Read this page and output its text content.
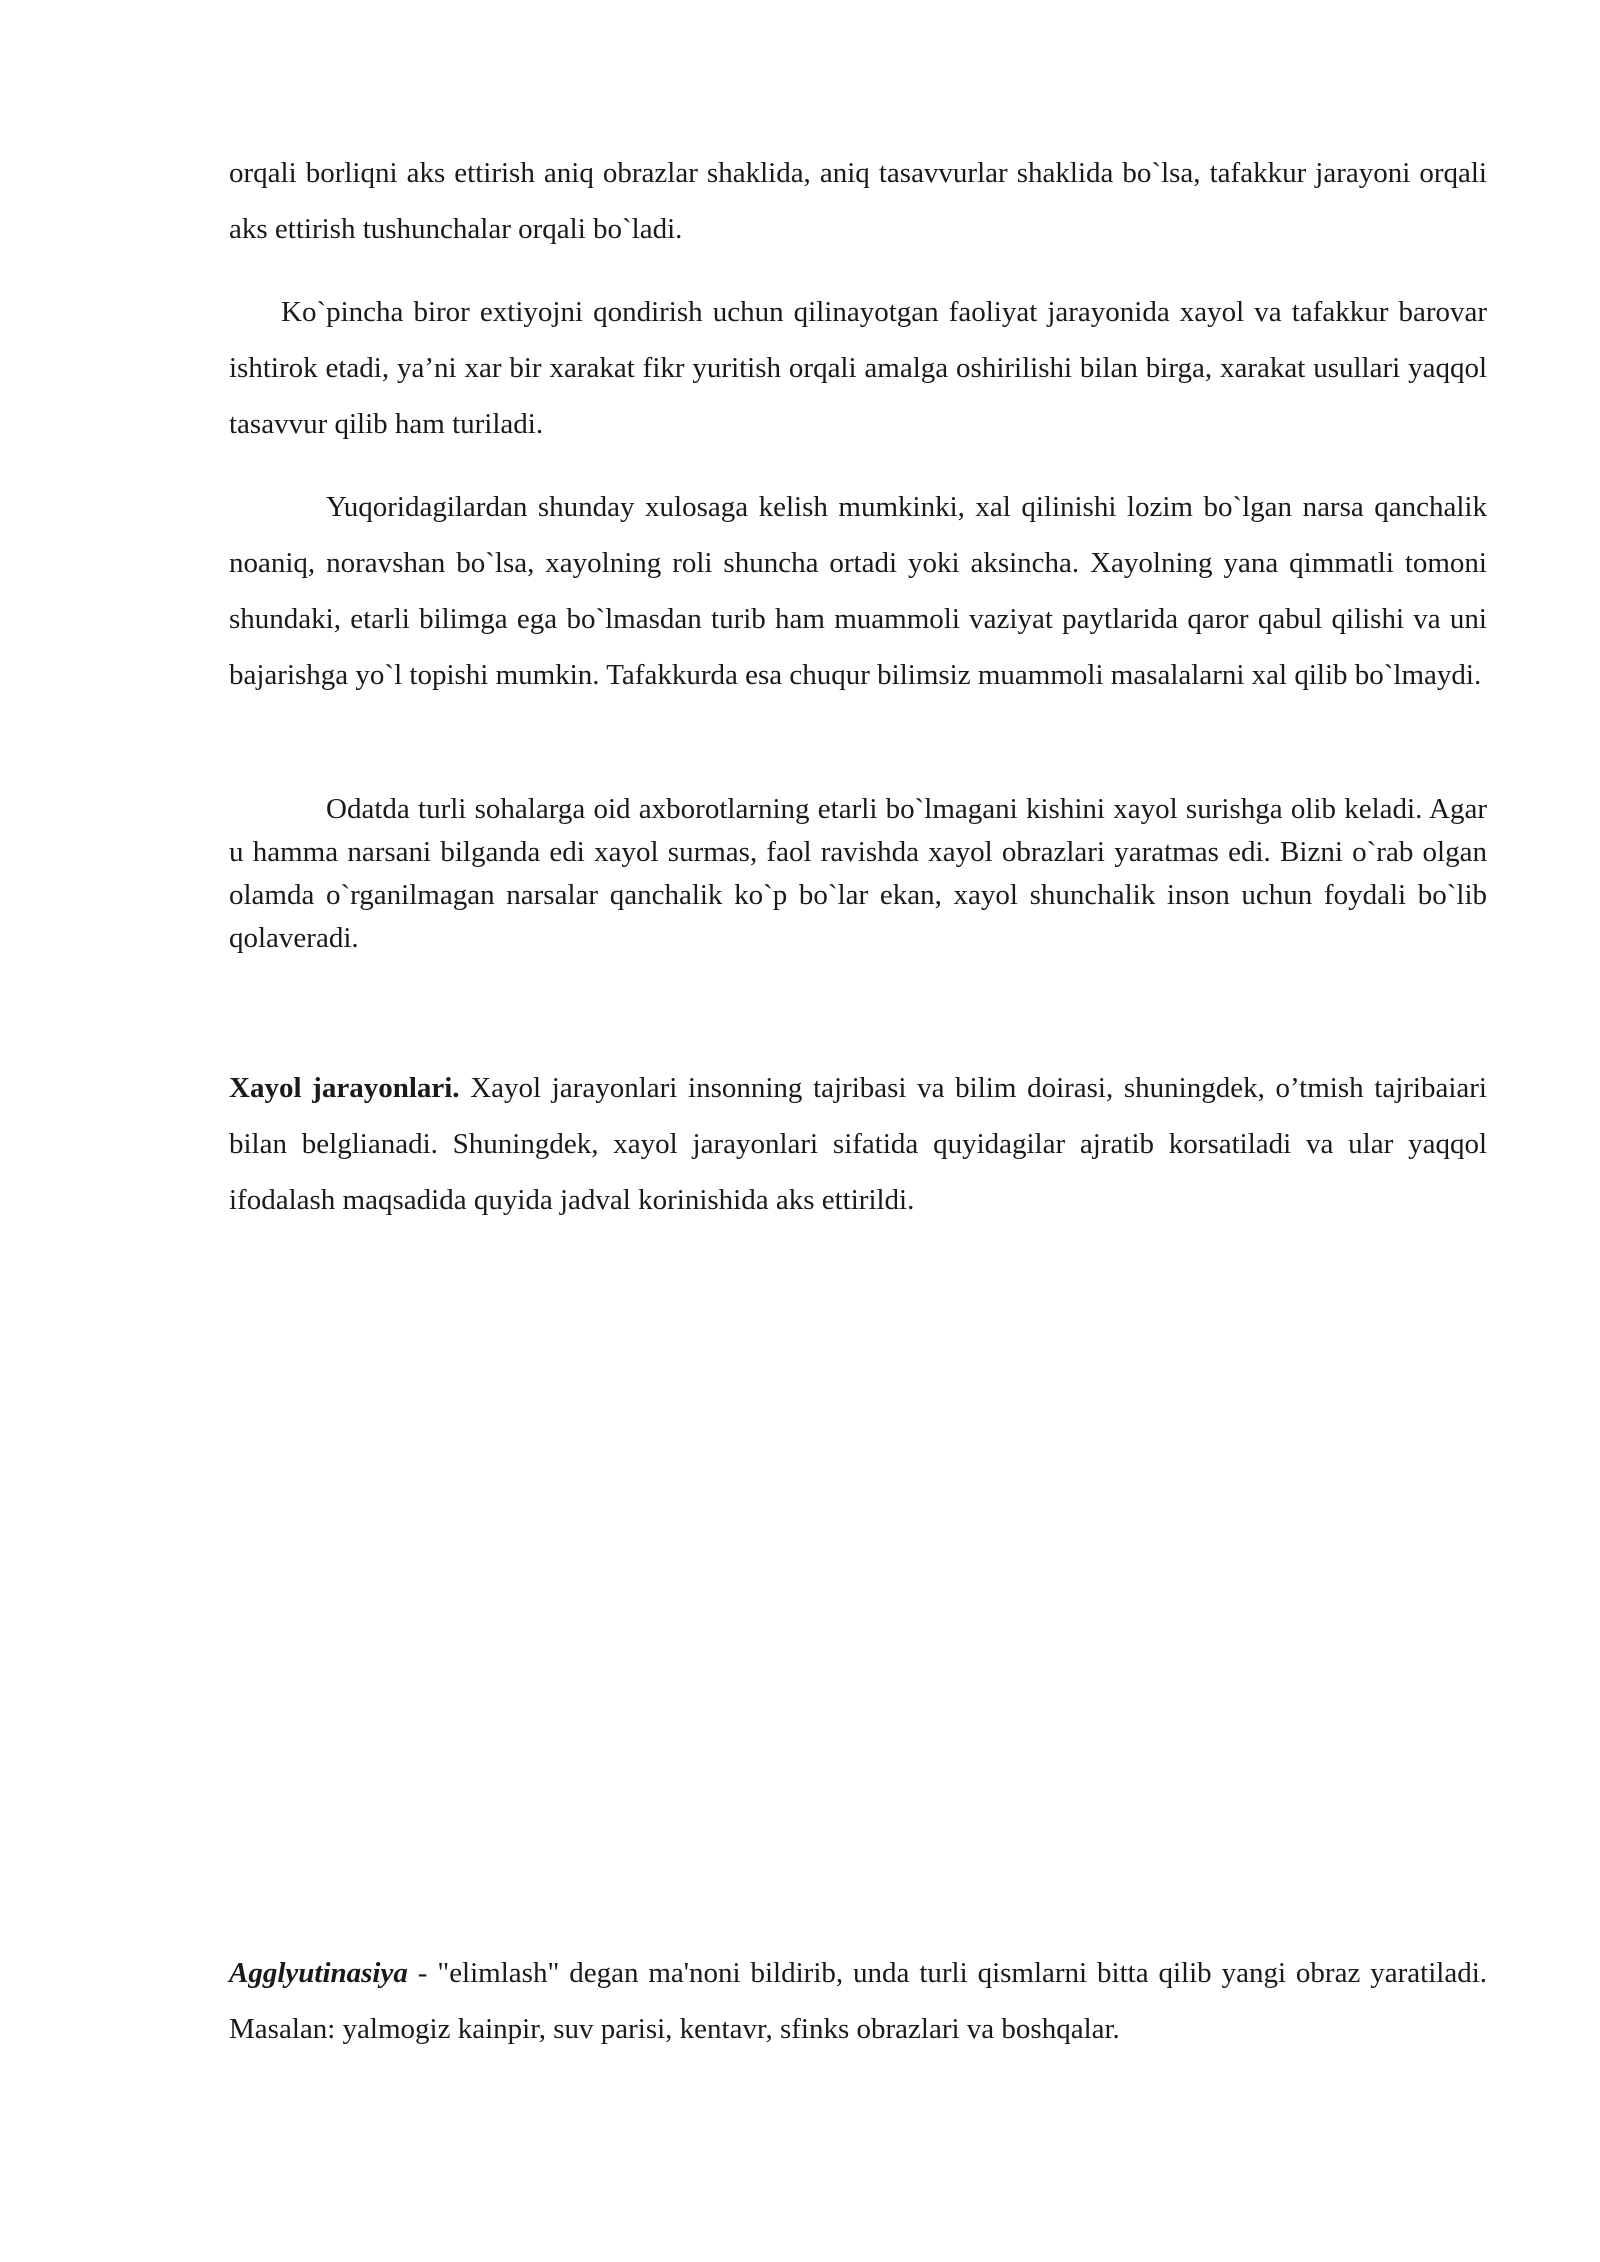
orqali borliqni aks ettirish aniq obrazlar shaklida, aniq tasavvurlar shaklida bo`lsa, tafakkur jarayoni orqali aks ettirish tushunchalar orqali bo`ladi.

Ko`pincha biror extiyojni qondirish uchun qilinayotgan faoliyat jarayonida xayol va tafakkur barovar ishtirok etadi, ya’ni xar bir xarakat fikr yuritish orqali amalga oshirilishi bilan birga, xarakat usullari yaqqol tasavvur qilib ham turiladi.

Yuqoridagilardan shunday xulosaga kelish mumkinki, xal qilinishi lozim bo`lgan narsa qanchalik noaniq, noravshan bo`lsa, xayolning roli shuncha ortadi yoki aksincha. Xayolning yana qimmatli tomoni shundaki, etarli bilimga ega bo`lmasdan turib ham muammoli vaziyat paytlarida qaror qabul qilishi va uni bajarishga yo`l topishi mumkin. Tafakkurda esa chuqur bilimsiz muammoli masalalarni xal qilib bo`lmaydi.

Odatda turli sohalarga oid axborotlarning etarli bo`lmagani kishini xayol surishga olib keladi. Agar u hamma narsani bilganda edi xayol surmas, faol ravishda xayol obrazlari yaratmas edi. Bizni o`rab olgan olamda o`rganilmagan narsalar qanchalik ko`p bo`lar ekan, xayol shunchalik inson uchun foydali bo`lib qolaveradi.

Xayol jarayonlari. Xayol jarayonlari insonning tajribasi va bilim doirasi, shuningdek, o’tmish tajribaiari bilan belglianadi. Shuningdek, xayol jarayonlari sifatida quyidagilar ajratib korsatiladi va ular yaqqol ifodalash maqsadida quyida jadval korinishida aks ettirildi.

Agglyutinasiya - "elimlash" degan ma'noni bildirib, unda turli qismlarni bitta qilib yangi obraz yaratiladi. Masalan: yalmogiz kainpir, suv parisi, kentavr, sfinks obrazlari va boshqalar.
